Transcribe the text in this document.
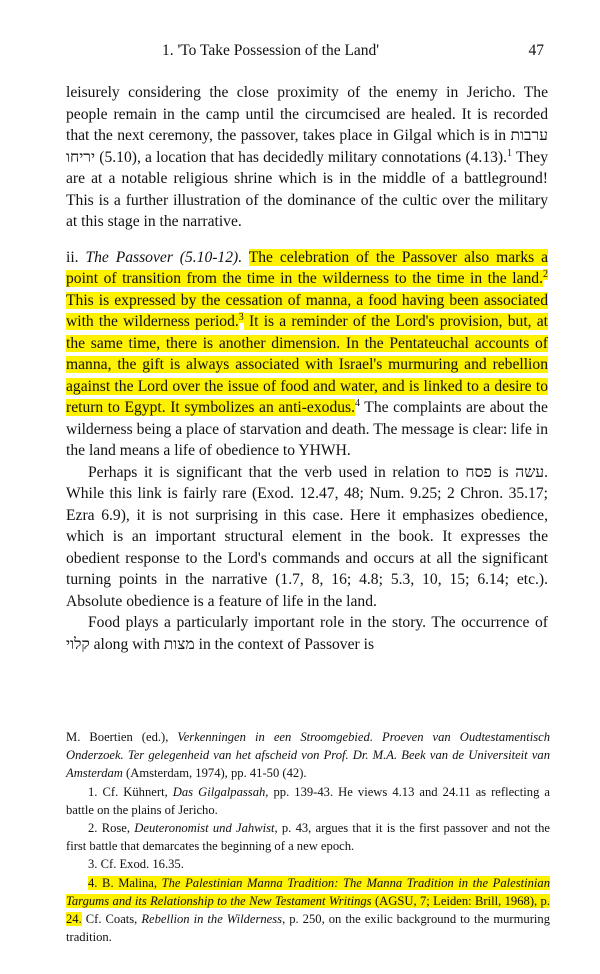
1. 'To Take Possession of the Land'	47

leisurely considering the close proximity of the enemy in Jericho. The people remain in the camp until the circumcised are healed. It is recorded that the next ceremony, the passover, takes place in Gilgal which is in ערבות יריחו (5.10), a location that has decidedly military connotations (4.13).$^1$ They are at a notable religious shrine which is in the middle of a battleground! This is a further illustration of the dominance of the cultic over the military at this stage in the narrative.

ii. The Passover (5.10-12). The celebration of the Passover also marks a point of transition from the time in the wilderness to the time in the land.$^2$ This is expressed by the cessation of manna, a food having been associated with the wilderness period.$^3$ It is a reminder of the Lord's provision, but, at the same time, there is another dimension. In the Pentateuchal accounts of manna, the gift is always associated with Israel's murmuring and rebellion against the Lord over the issue of food and water, and is linked to a desire to return to Egypt. It symbolizes an anti-exodus.$^4$ The complaints are about the wilderness being a place of starvation and death. The message is clear: life in the land means a life of obedience to YHWH.

Perhaps it is significant that the verb used in relation to פסח is עשה. While this link is fairly rare (Exod. 12.47, 48; Num. 9.25; 2 Chron. 35.17; Ezra 6.9), it is not surprising in this case. Here it emphasizes obedience, which is an important structural element in the book. It expresses the obedient response to the Lord's commands and occurs at all the significant turning points in the narrative (1.7, 8, 16; 4.8; 5.3, 10, 15; 6.14; etc.). Absolute obedience is a feature of life in the land.

Food plays a particularly important role in the story. The occurrence of קלוי along with מצות in the context of Passover is

M. Boertien (ed.), Verkenningen in een Stroomgebied. Proeven van Oudtestamentisch Onderzoek. Ter gelegenheid van het afscheid von Prof. Dr. M.A. Beek van de Universiteit van Amsterdam (Amsterdam, 1974), pp. 41-50 (42).

1. Cf. Kühnert, Das Gilgalpassah, pp. 139-43. He views 4.13 and 24.11 as reflecting a battle on the plains of Jericho.

2. Rose, Deuteronomist und Jahwist, p. 43, argues that it is the first passover and not the first battle that demarcates the beginning of a new epoch.

3. Cf. Exod. 16.35.

4. B. Malina, The Palestinian Manna Tradition: The Manna Tradition in the Palestinian Targums and its Relationship to the New Testament Writings (AGSU, 7; Leiden: Brill, 1968), p. 24. Cf. Coats, Rebellion in the Wilderness, p. 250, on the exilic background to the murmuring tradition.
